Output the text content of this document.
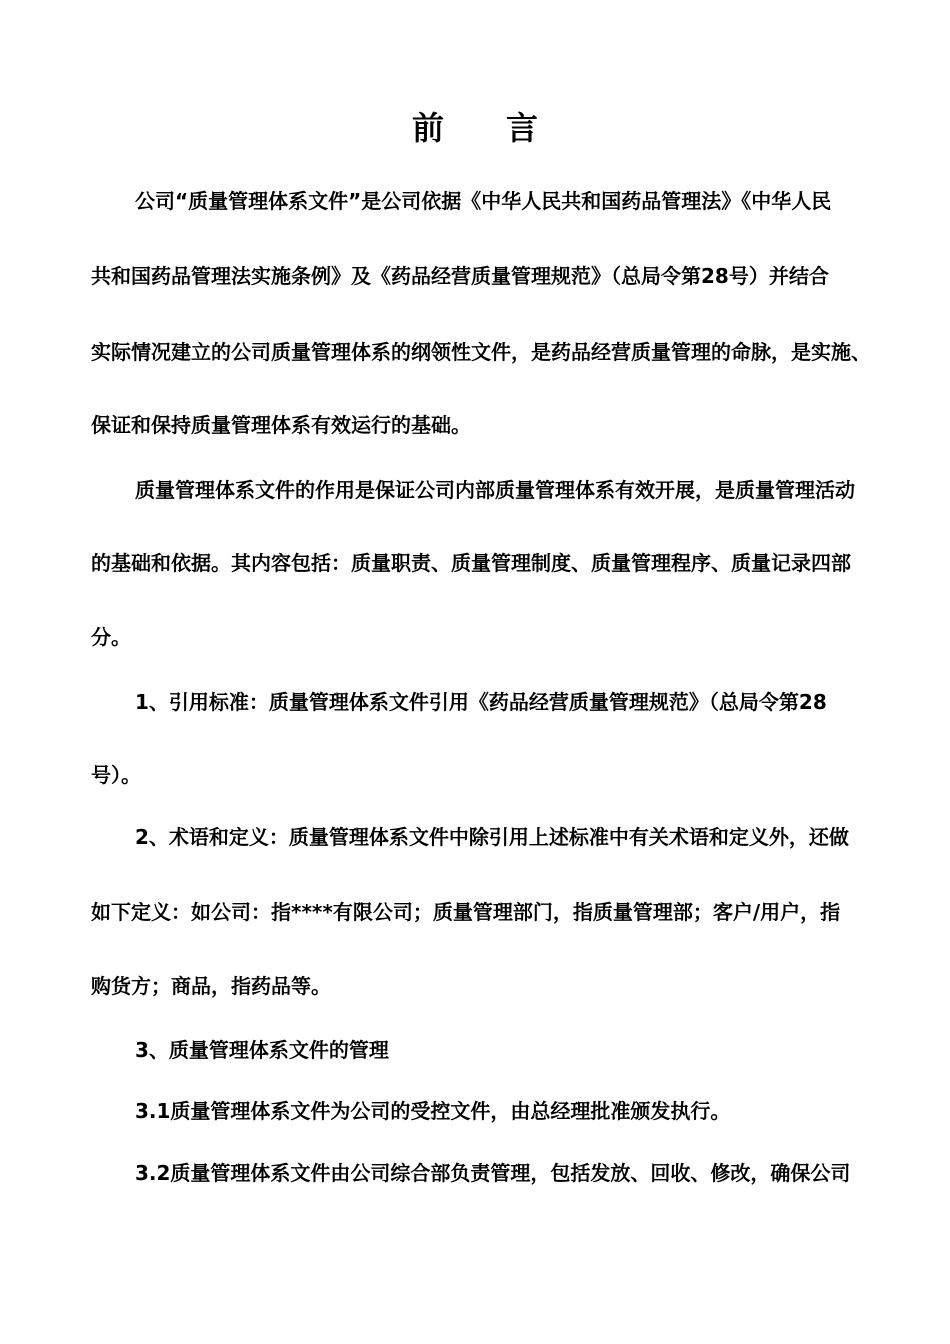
前言
公司“质量管理体系文件”是公司依据《中华人民共和国药品管理法》《中华人民
共和国药品管理法实施条例》及《药品经营质量管理规范》（总局令第28号）并结合
实际情况建立的公司质量管理体系的纲领性文件，是药品经营质量管理的命脉，是实施、
保证和保持质量管理体系有效运行的基础。
质量管理体系文件的作用是保证公司内部质量管理体系有效开展，是质量管理活动
的基础和依据。其内容包括：质量职责、质量管理制度、质量管理程序、质量记录四部
分。
1、引用标准：质量管理体系文件引用《药品经营质量管理规范》（总局令第28
号）。
2、术语和定义：质量管理体系文件中除引用上述标准中有关术语和定义外，还做
如下定义：如公司：指****有限公司；质量管理部门，指质量管理部；客户/用户，指
购货方；商品，指药品等。
3、质量管理体系文件的管理
3.1质量管理体系文件为公司的受控文件，由总经理批准颁发执行。
3.2质量管理体系文件由公司综合部负责管理，包括发放、回收、修改，确保公司
